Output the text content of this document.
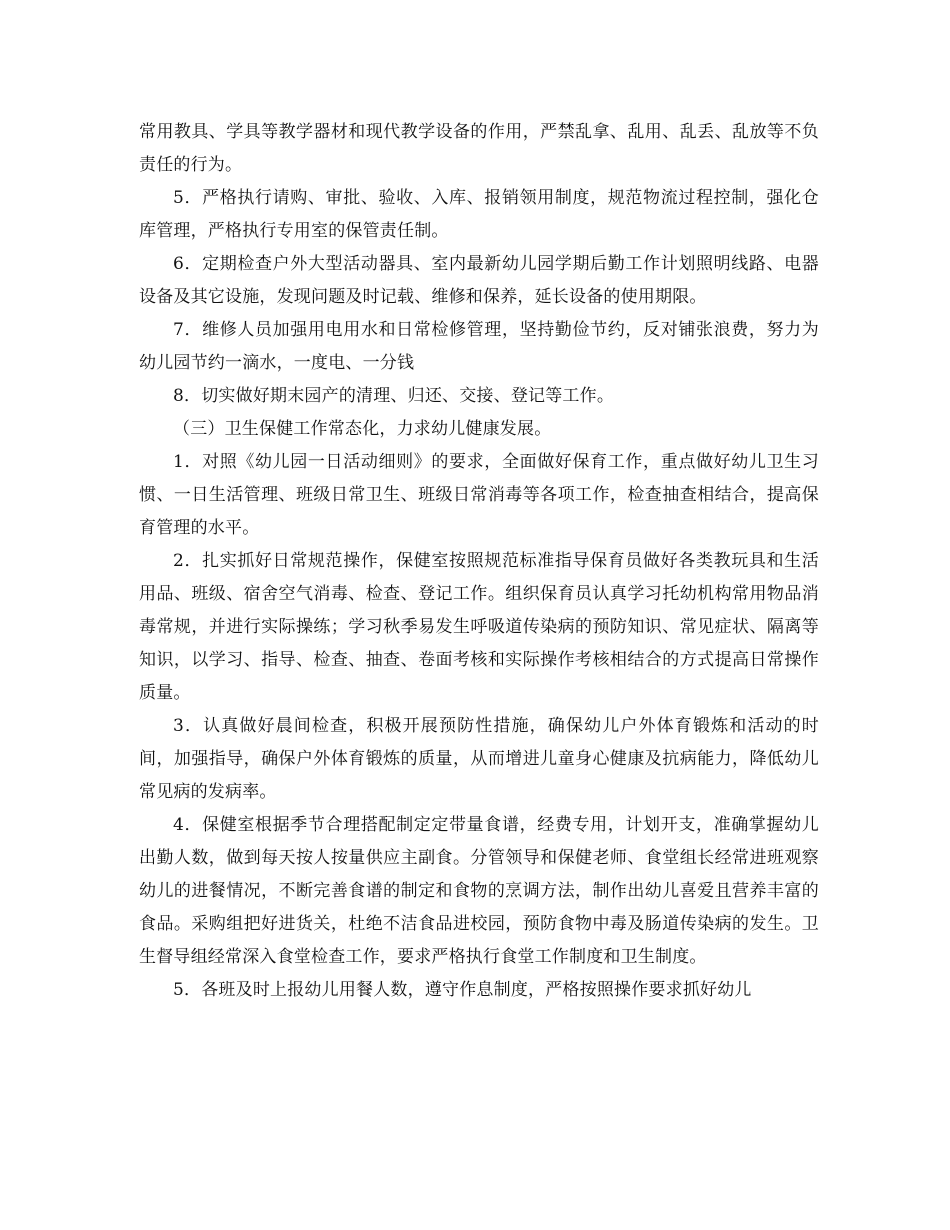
常用教具、学具等教学器材和现代教学设备的作用，严禁乱拿、乱用、乱丢、乱放等不负责任的行为。

5．严格执行请购、审批、验收、入库、报销领用制度，规范物流过程控制，强化仓库管理，严格执行专用室的保管责任制。

6．定期检查户外大型活动器具、室内最新幼儿园学期后勤工作计划照明线路、电器设备及其它设施，发现问题及时记载、维修和保养，延长设备的使用期限。

7．维修人员加强用电用水和日常检修管理，坚持勤俭节约，反对铺张浪费，努力为幼儿园节约一滴水，一度电、一分钱

8．切实做好期末园产的清理、归还、交接、登记等工作。

（三）卫生保健工作常态化，力求幼儿健康发展。

1．对照《幼儿园一日活动细则》的要求，全面做好保育工作，重点做好幼儿卫生习惯、一日生活管理、班级日常卫生、班级日常消毒等各项工作，检查抽查相结合，提高保育管理的水平。

2．扎实抓好日常规范操作，保健室按照规范标准指导保育员做好各类教玩具和生活用品、班级、宿舍空气消毒、检查、登记工作。组织保育员认真学习托幼机构常用物品消毒常规，并进行实际操练；学习秋季易发生呼吸道传染病的预防知识、常见症状、隔离等知识，以学习、指导、检查、抽查、卷面考核和实际操作考核相结合的方式提高日常操作质量。

3．认真做好晨间检查，积极开展预防性措施，确保幼儿户外体育锻炼和活动的时间，加强指导，确保户外体育锻炼的质量，从而增进儿童身心健康及抗病能力，降低幼儿常见病的发病率。

4．保健室根据季节合理搭配制定定带量食谱，经费专用，计划开支，准确掌握幼儿出勤人数，做到每天按人按量供应主副食。分管领导和保健老师、食堂组长经常进班观察幼儿的进餐情况，不断完善食谱的制定和食物的烹调方法，制作出幼儿喜爱且营养丰富的食品。采购组把好进货关，杜绝不洁食品进校园，预防食物中毒及肠道传染病的发生。卫生督导组经常深入食堂检查工作，要求严格执行食堂工作制度和卫生制度。

5．各班及时上报幼儿用餐人数，遵守作息制度，严格按照操作要求抓好幼儿
